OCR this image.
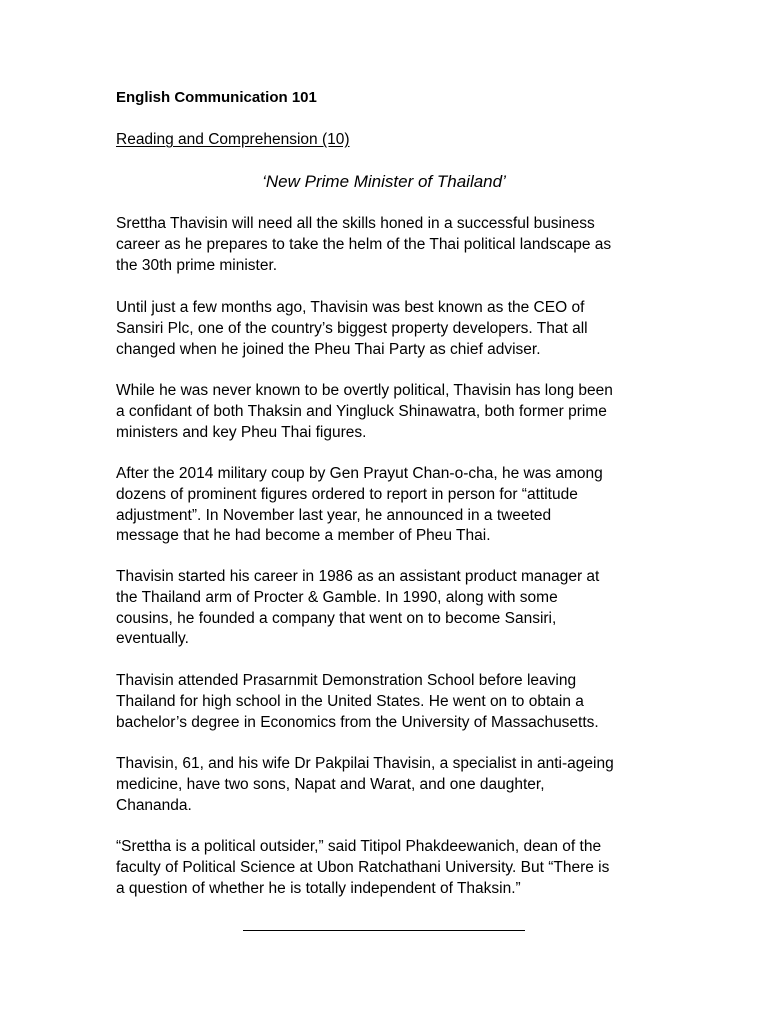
English Communication 101
Reading and Comprehension (10)
‘New Prime Minister of Thailand’

Srettha Thavisin will need all the skills honed in a successful business
career as he prepares to take the helm of the Thai political landscape as
the 30th prime minister.

Until just a few months ago, Thavisin was best known as the CEO of
Sansiri Plc, one of the country’s biggest property developers. That all
changed when he joined the Pheu Thai Party as chief adviser.

While he was never known to be overtly political, Thavisin has long been
a confidant of both Thaksin and Yingluck Shinawatra, both former prime
ministers and key Pheu Thai figures.

After the 2014 military coup by Gen Prayut Chan-o-cha, he was among
dozens of prominent figures ordered to report in person for “attitude
adjustment”. In November last year, he announced in a tweeted
message that he had become a member of Pheu Thai.

Thavisin started his career in 1986 as an assistant product manager at
the Thailand arm of Procter & Gamble. In 1990, along with some
cousins, he founded a company that went on to become Sansiri,
eventually.

Thavisin attended Prasarnmit Demonstration School before leaving
Thailand for high school in the United States. He went on to obtain a
bachelor’s degree in Economics from the University of Massachusetts.

Thavisin, 61, and his wife Dr Pakpilai Thavisin, a specialist in anti-ageing
medicine, have two sons, Napat and Warat, and one daughter,
Chananda.

“Srettha is a political outsider,” said Titipol Phakdeewanich, dean of the
faculty of Political Science at Ubon Ratchathani University. But “There is
a question of whether he is totally independent of Thaksin.”
